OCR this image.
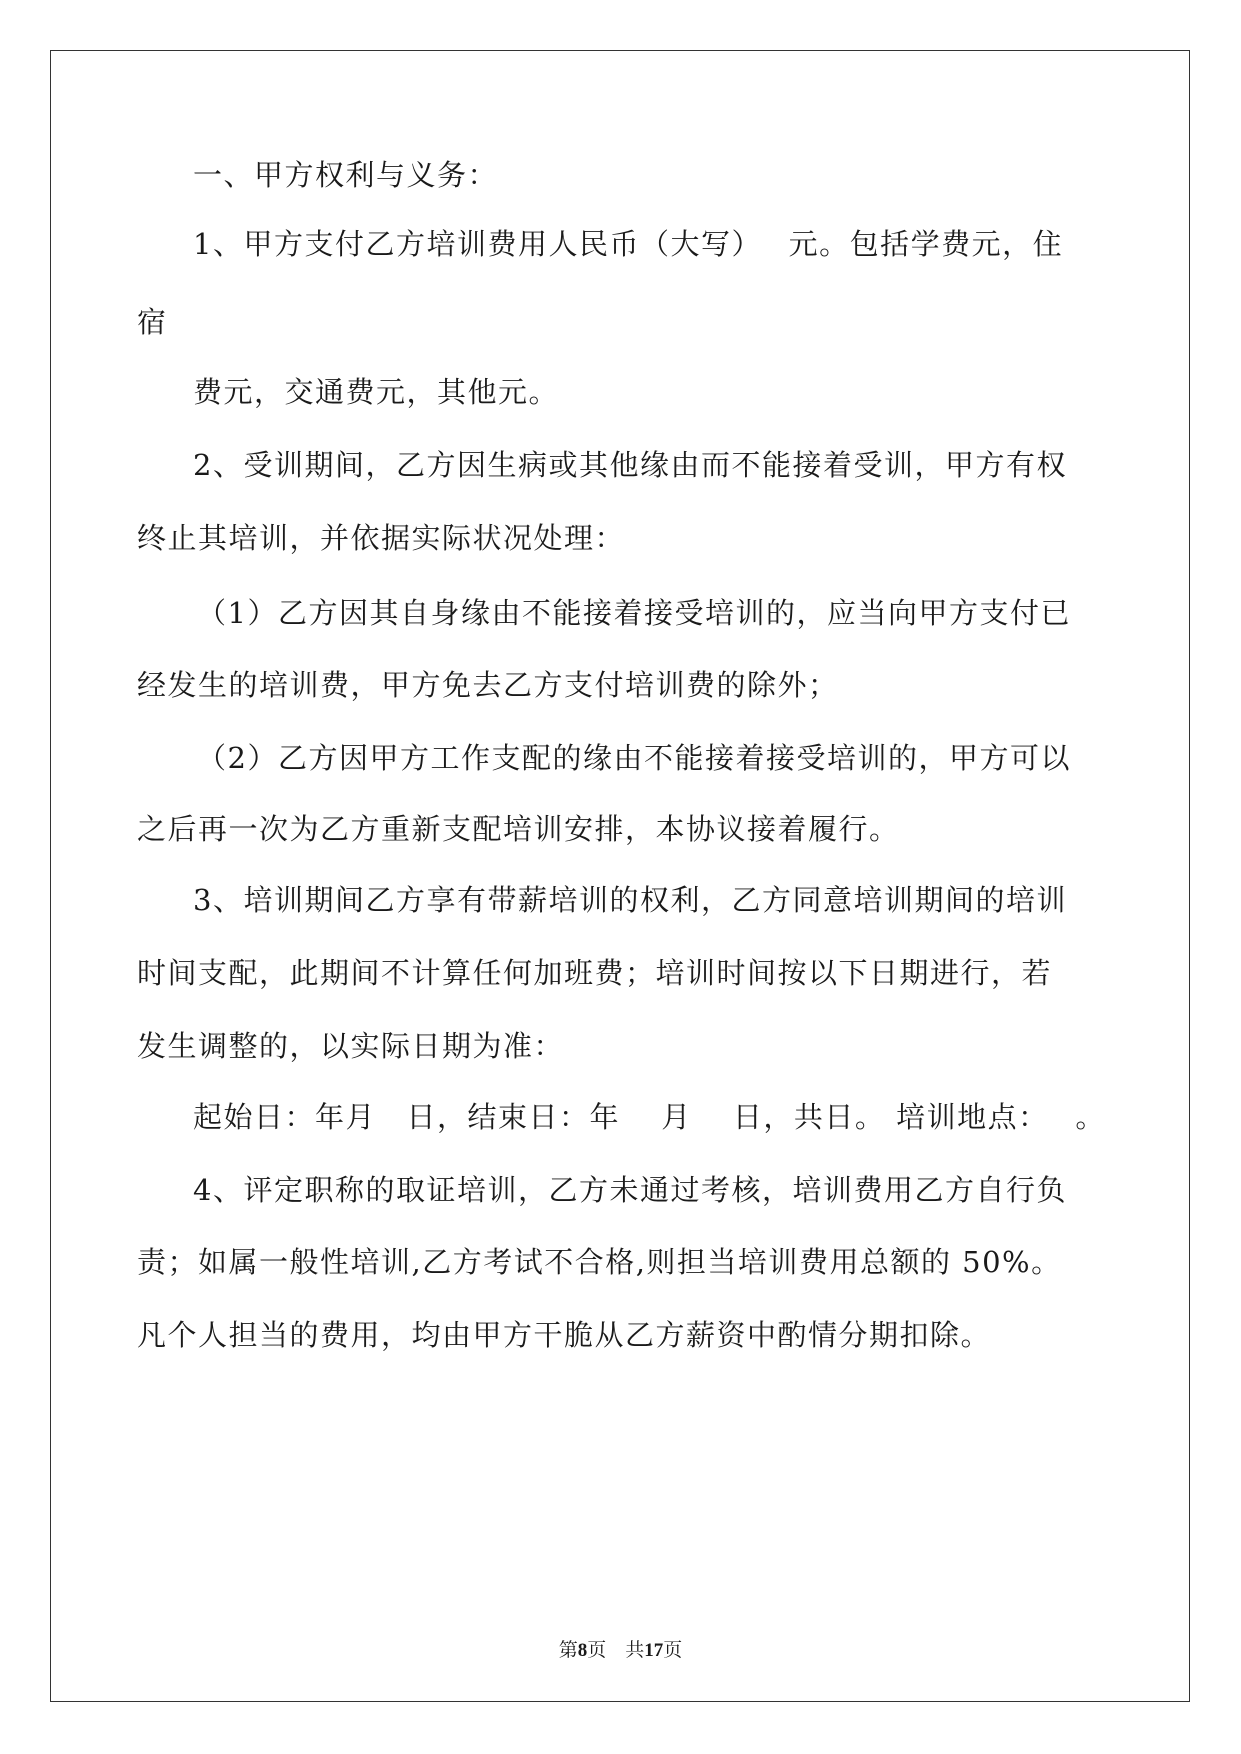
一、甲方权利与义务：
1、甲方支付乙方培训费用人民币（大写）　 元。包括学费元，住
宿
费元，交通费元，其他元。
2、受训期间，乙方因生病或其他缘由而不能接着受训，甲方有权
终止其培训，并依据实际状况处理：
（1）乙方因其自身缘由不能接着接受培训的，应当向甲方支付已
经发生的培训费，甲方免去乙方支付培训费的除外；
（2）乙方因甲方工作支配的缘由不能接着接受培训的，甲方可以
之后再一次为乙方重新支配培训安排，本协议接着履行。
3、培训期间乙方享有带薪培训的权利，乙方同意培训期间的培训
时间支配，此期间不计算任何加班费；培训时间按以下日期进行，若
发生调整的，以实际日期为准：
起始日：年月　日，结束日：年　 月　 日，共日。 培训地点：　 。
4、评定职称的取证培训，乙方未通过考核，培训费用乙方自行负
责；如属一般性培训,乙方考试不合格,则担当培训费用总额的 50%。
凡个人担当的费用，均由甲方干脆从乙方薪资中酌情分期扣除。
第8页　共17页
